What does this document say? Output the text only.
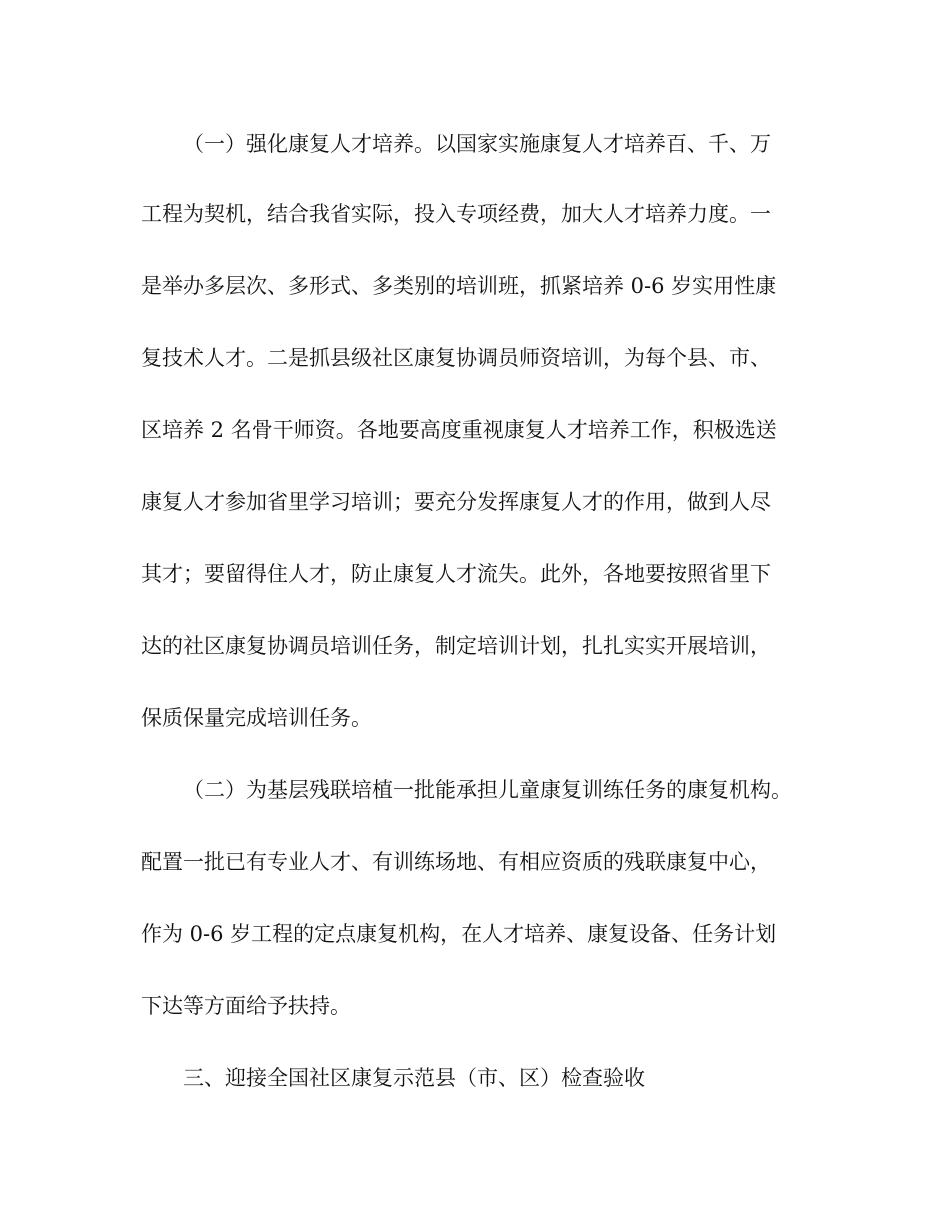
（一）强化康复人才培养。以国家实施康复人才培养百、千、万
工程为契机，结合我省实际，投入专项经费，加大人才培养力度。一
是举办多层次、多形式、多类别的培训班，抓紧培养 0-6 岁实用性康
复技术人才。二是抓县级社区康复协调员师资培训，为每个县、市、
区培养 2 名骨干师资。各地要高度重视康复人才培养工作，积极选送
康复人才参加省里学习培训；要充分发挥康复人才的作用，做到人尽
其才；要留得住人才，防止康复人才流失。此外，各地要按照省里下
达的社区康复协调员培训任务，制定培训计划，扎扎实实开展培训，
保质保量完成培训任务。
（二）为基层残联培植一批能承担儿童康复训练任务的康复机构。
配置一批已有专业人才、有训练场地、有相应资质的残联康复中心，
作为 0-6 岁工程的定点康复机构，在人才培养、康复设备、任务计划
下达等方面给予扶持。
三、迎接全国社区康复示范县（市、区）检查验收
